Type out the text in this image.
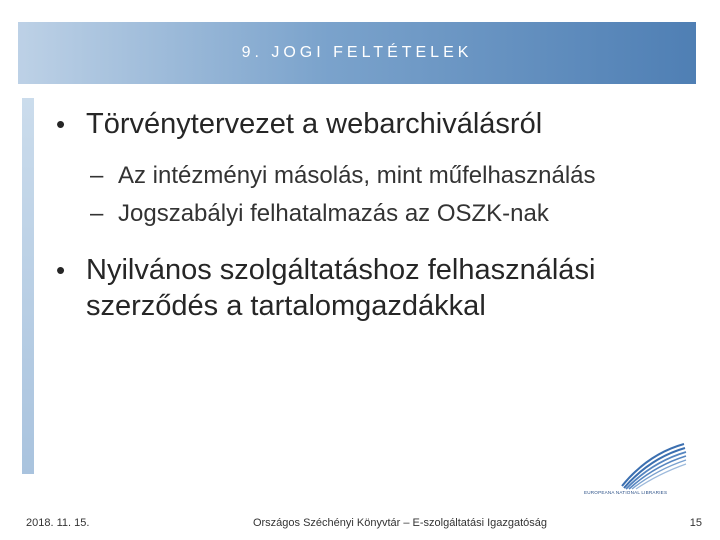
9. JOGI FELTÉTELEK
• Törvénytervezet a webarchiválásról
– Az intézményi másolás, mint műfelhasználás
– Jogszabályi felhatalmazás az OSZK-nak
• Nyilvános szolgáltatáshoz felhasználási szerződés a tartalomgazdákkal
EUROPEANA NATIONAL LIBRARIES
2018. 11. 15.	Országos Széchényi Könyvtár – E-szolgáltatási Igazgatóság	15
